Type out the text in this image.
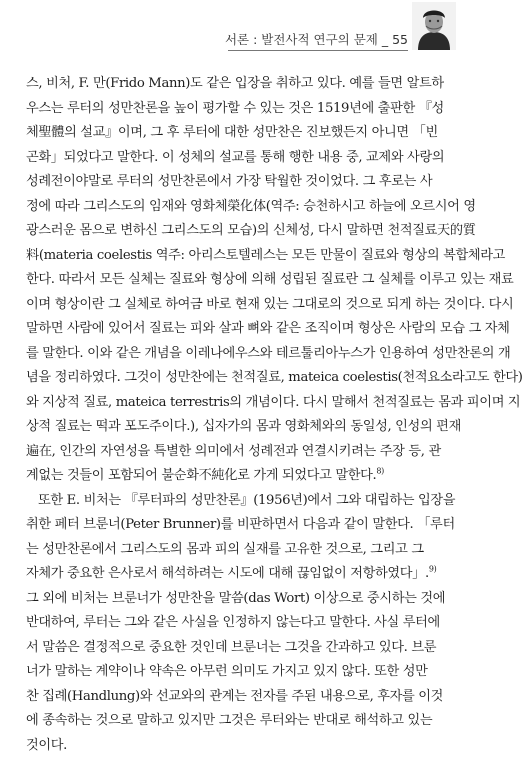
서론 : 발전사적 연구의 문제 _ 55
스, 비처, F. 만(Frido Mann)도 같은 입장을 취하고 있다. 예를 들면 알트하
우스는 루터의 성만찬론을 높이 평가할 수 있는 것은 1519년에 출판한 『성
체聖體의 설교』이며, 그 후 루터에 대한 성만찬은 진보했든지 아니면 「빈
곤화」되었다고 말한다. 이 성체의 설교를 통해 행한 내용 중, 교제와 사랑의
성례전이야말로 루터의 성만찬론에서 가장 탁월한 것이었다. 그 후로는 사
정에 따라 그리스도의 임재와 영화체榮化体(역주: 승천하시고 하늘에 오르시어 영
광스러운 몸으로 변하신 그리스도의 모습)의 신체성, 다시 말하면 천적질료天的質
料(materia coelestis 역주: 아리스토텔레스는 모든 만물이 질료와 형상의 복합체라고
한다. 따라서 모든 실체는 질료와 형상에 의해 성립된 질료란 그 실체를 이루고 있는 재료
이며 형상이란 그 실체로 하여금 바로 현재 있는 그대로의 것으로 되게 하는 것이다. 다시
말하면 사람에 있어서 질료는 피와 살과 뼈와 같은 조직이며 형상은 사람의 모습 그 자체
를 말한다. 이와 같은 개념을 이레나에우스와 테르툴리아누스가 인용하여 성만찬론의 개
념을 정리하였다. 그것이 성만찬에는 천적질료, mateica coelestis(천적요소라고도 한다)
와 지상적 질료, mateica terrestris의 개념이다. 다시 말해서 천적질료는 몸과 피이며 지
상적 질료는 떡과 포도주이다.), 십자가의 몸과 영화체와의 동일성, 인성의 편재
遍在, 인간의 자연성을 특별한 의미에서 성례전과 연결시키려는 주장 등, 관
계없는 것들이 포함되어 불순화不純化로 가게 되었다고 말한다.$^{8)}$
또한 E. 비처는 『루터파의 성만찬론』(1956년)에서 그와 대립하는 입장을
취한 페터 브룬너(Peter Brunner)를 비판하면서 다음과 같이 말한다. 「루터
는 성만찬론에서 그리스도의 몸과 피의 실재를 고유한 것으로, 그리고 그
자체가 중요한 은사로서 해석하려는 시도에 대해 끊임없이 저항하였다」.$^{9)}$
그 외에 비처는 브룬너가 성만찬을 말씀(das Wort) 이상으로 중시하는 것에
반대하여, 루터는 그와 같은 사실을 인정하지 않는다고 말한다. 사실 루터에
서 말씀은 결정적으로 중요한 것인데 브룬너는 그것을 간과하고 있다. 브룬
너가 말하는 계약이나 약속은 아무런 의미도 가지고 있지 않다. 또한 성만
찬 집례(Handlung)와 선교와의 관계는 전자를 주된 내용으로, 후자를 이것
에 종속하는 것으로 말하고 있지만 그것은 루터와는 반대로 해석하고 있는
것이다.
